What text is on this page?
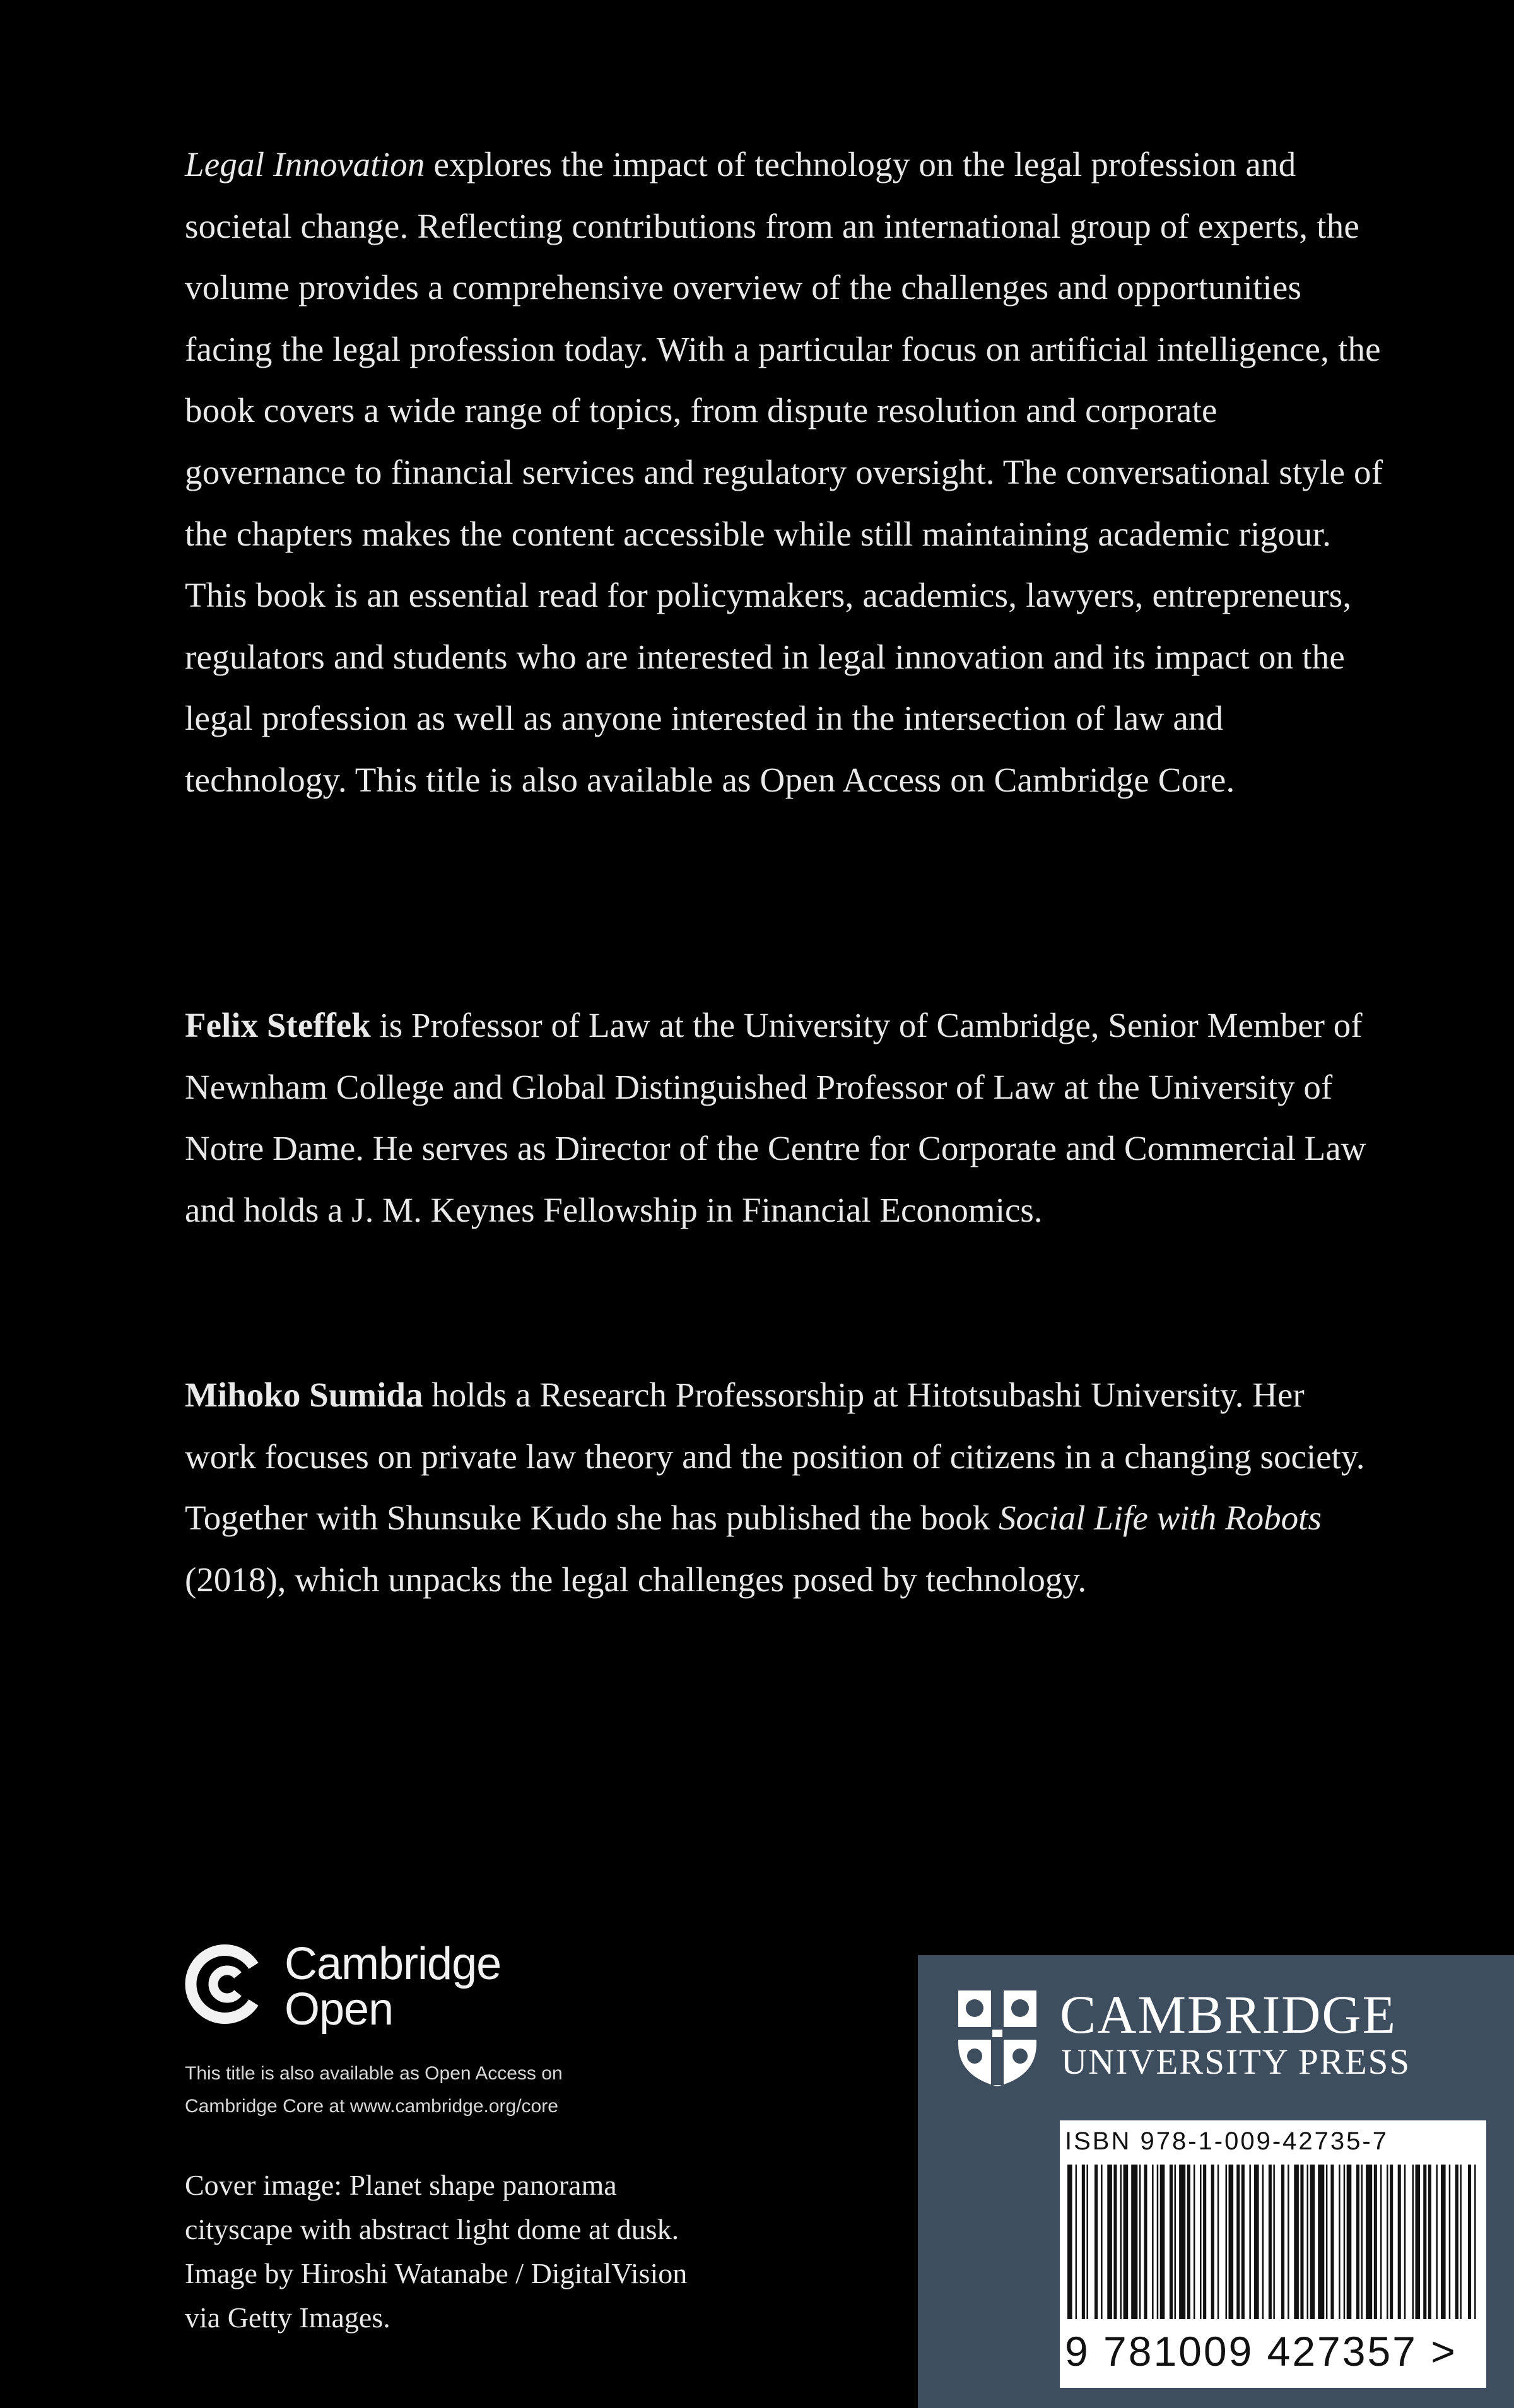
Legal Innovation explores the impact of technology on the legal profession and societal change. Reflecting contributions from an international group of experts, the volume provides a comprehensive overview of the challenges and opportunities facing the legal profession today. With a particular focus on artificial intelligence, the book covers a wide range of topics, from dispute resolution and corporate governance to financial services and regulatory oversight. The conversational style of the chapters makes the content accessible while still maintaining academic rigour. This book is an essential read for policymakers, academics, lawyers, entrepreneurs, regulators and students who are interested in legal innovation and its impact on the legal profession as well as anyone interested in the intersection of law and technology. This title is also available as Open Access on Cambridge Core.

Felix Steffek is Professor of Law at the University of Cambridge, Senior Member of Newnham College and Global Distinguished Professor of Law at the University of Notre Dame. He serves as Director of the Centre for Corporate and Commercial Law and holds a J. M. Keynes Fellowship in Financial Economics.

Mihoko Sumida holds a Research Professorship at Hitotsubashi University. Her work focuses on private law theory and the position of citizens in a changing society. Together with Shunsuke Kudo she has published the book Social Life with Robots (2018), which unpacks the legal challenges posed by technology.

Cambridge
Open
This title is also available as Open Access on
Cambridge Core at www.cambridge.org/core
Cover image: Planet shape panorama
cityscape with abstract light dome at dusk.
Image by Hiroshi Watanabe / DigitalVision
via Getty Images.
CAMBRIDGE
UNIVERSITY PRESS
ISBN 978-1-009-42735-7
9 781009 427357 >
